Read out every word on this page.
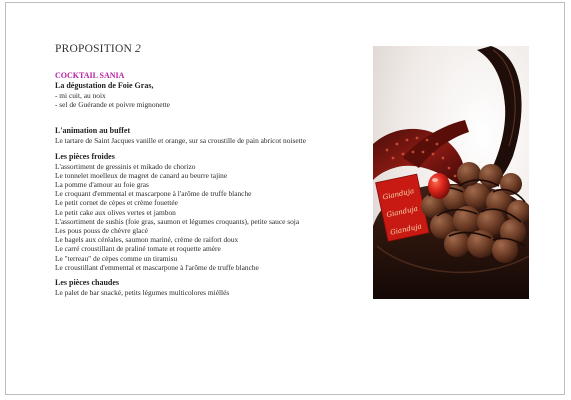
PROPOSITION 2

COCKTAIL SANIA

La dégustation de Foie Gras,

- mi cuit, au noix

- sel de Guérande et poivre mignonette

L'animation au buffet

Le tartare de Saint Jacques vanille et orange, sur sa croustille de pain abricot noisette

Les pièces froides

L'assortiment de gressinis et mikado de chorizo

Le tonnelet moelleux de magret de canard au beurre tajine

La pomme d'amour au foie gras

Le croquant d'emmental et mascarpone à l'arôme de truffe blanche

Le petit cornet de cèpes et crème fouettée

Le petit cake aux olives vertes et jambon

L'assortiment de sushis (foie gras, saumon et légumes croquants), petite sauce soja

Les pous pouss de chèvre glacé

Le bagels aux céréales, saumon mariné, crème de raifort doux

Le carré croustillant de praliné tomate et roquette amère

Le "terreau" de cèpes comme un tiramisu

Le croustillant d'emmental et mascarpone à l'arôme de truffe blanche

Les pièces chaudes

Le palet de bar snacké, petits légumes multicolores miéllés

Gianduja
Gianduja
Gianduja
